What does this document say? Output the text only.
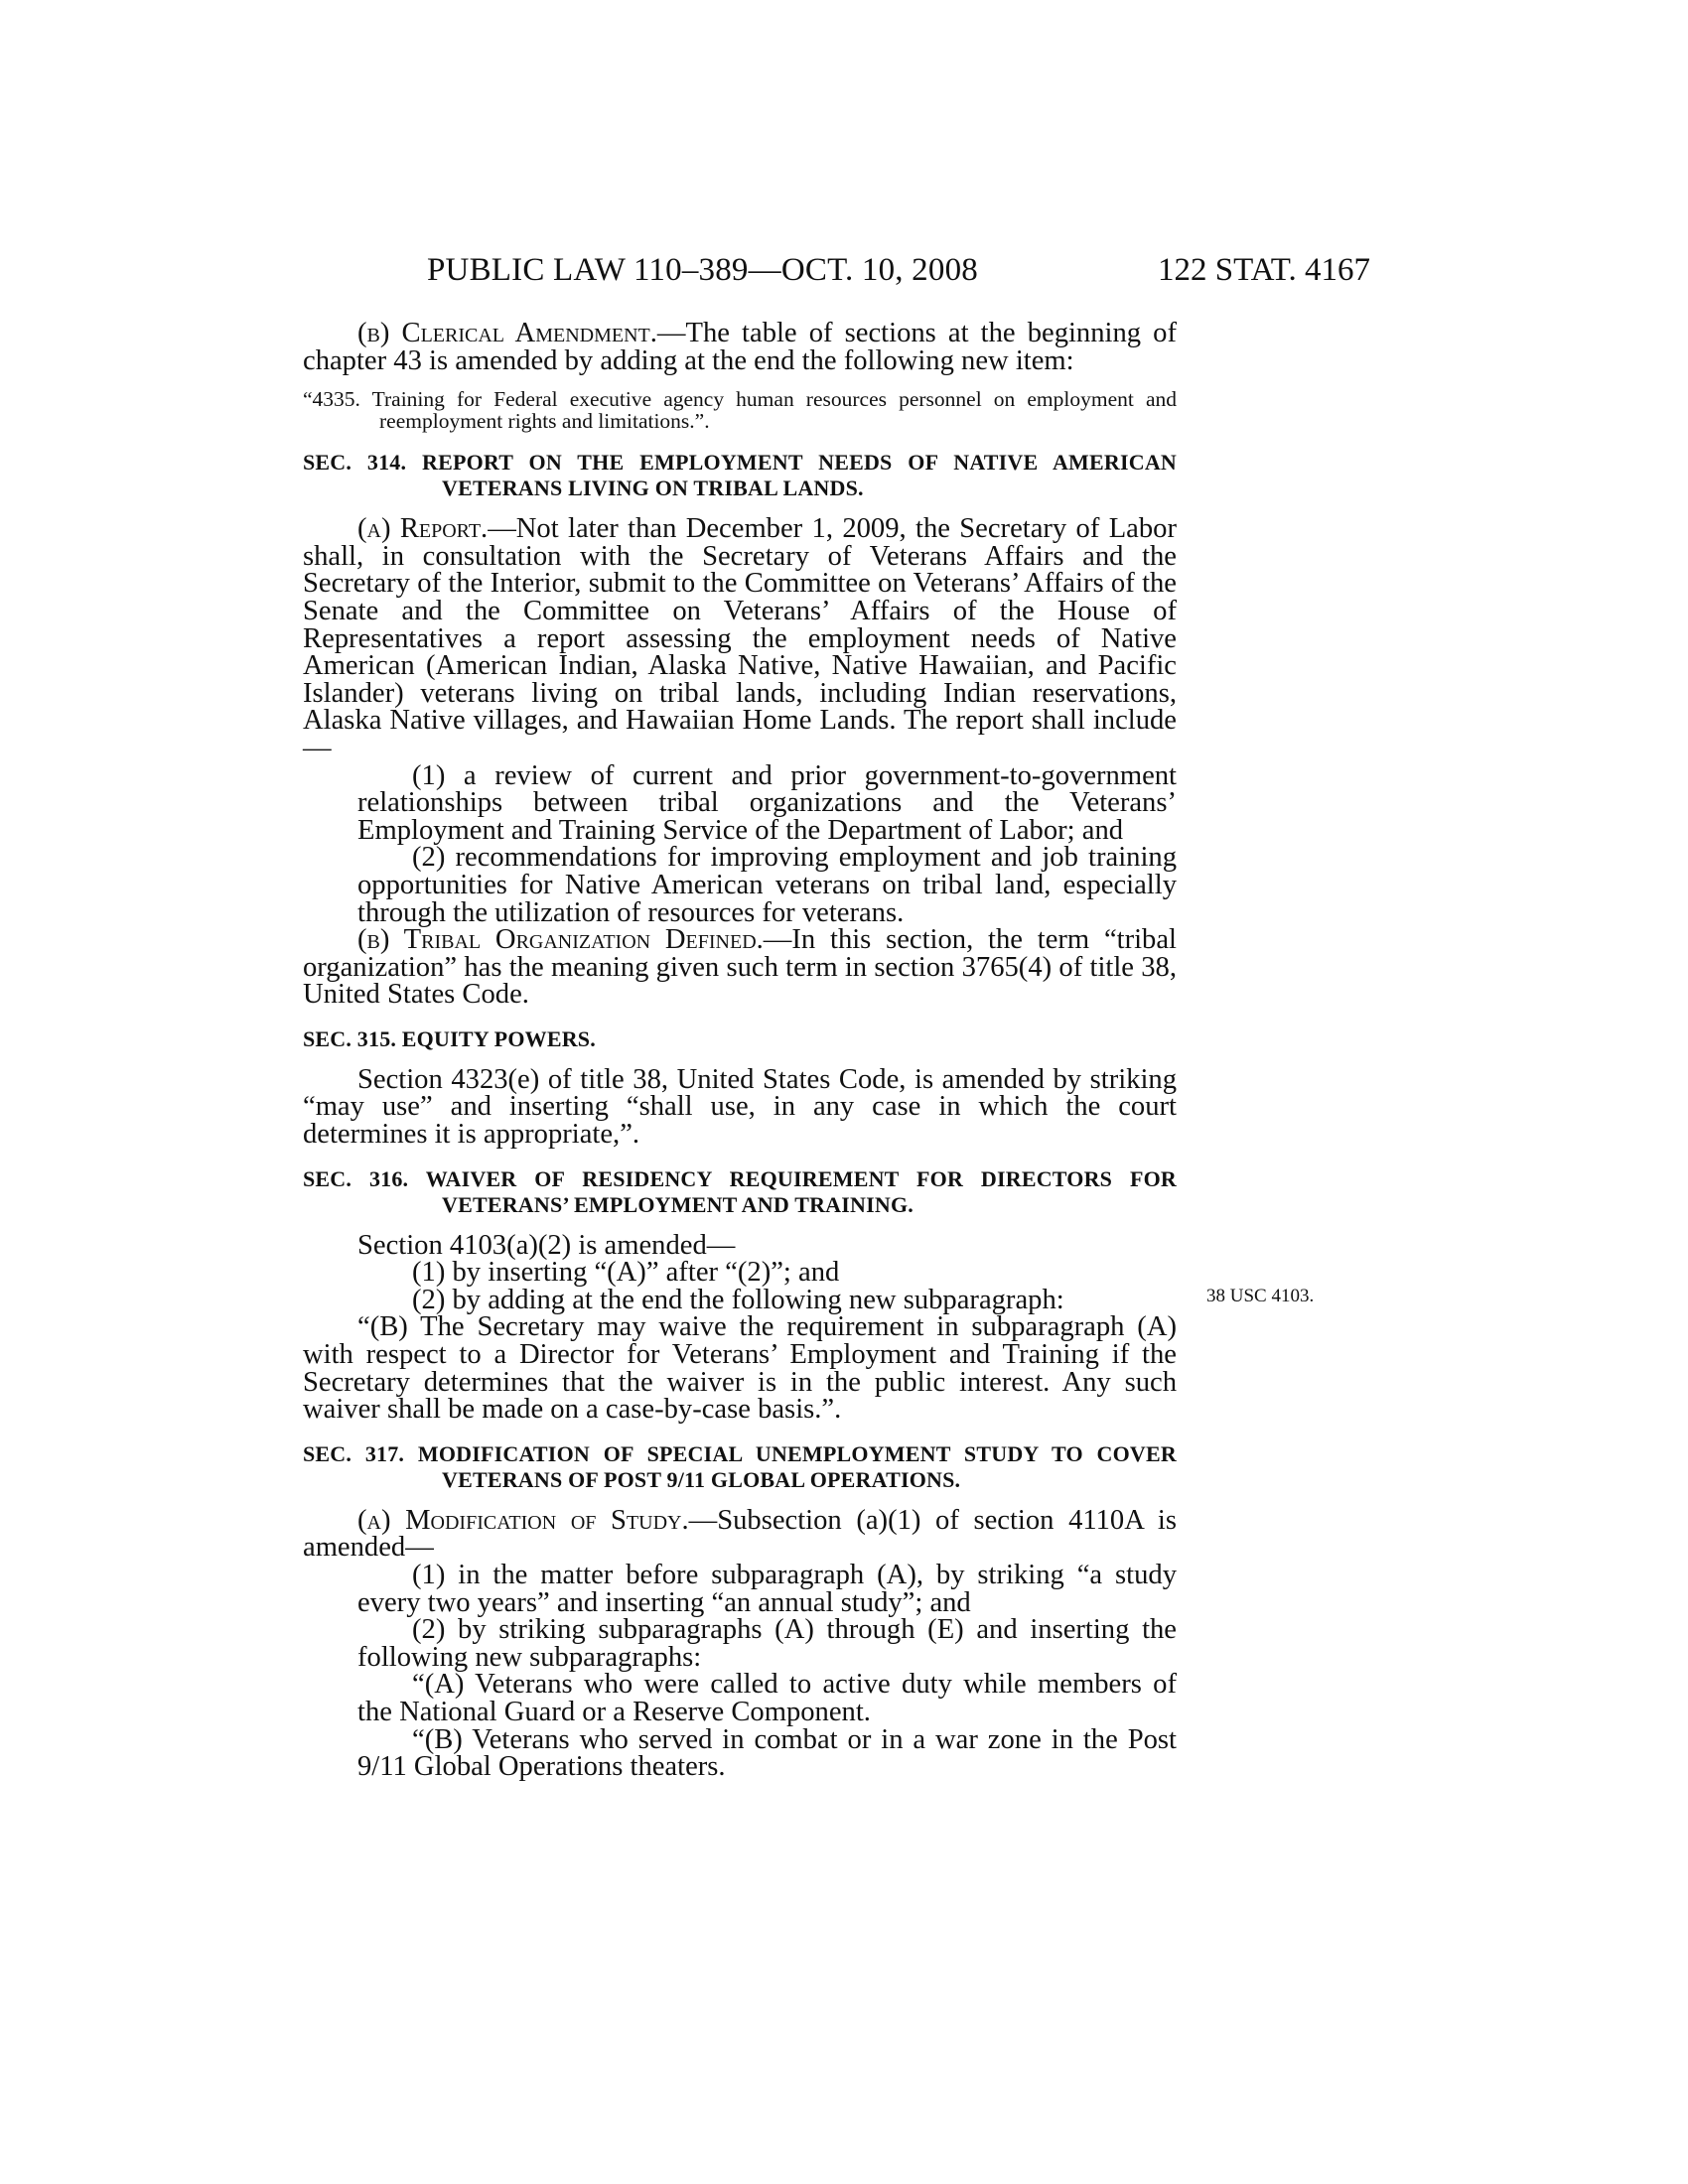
PUBLIC LAW 110–389—OCT. 10, 2008	122 STAT. 4167
38 USC 4103.

(b) Clerical Amendment.—The table of sections at the beginning of chapter 43 is amended by adding at the end the following new item:

“4335. Training for Federal executive agency human resources personnel on employment and reemployment rights and limitations.”.

SEC. 314. REPORT ON THE EMPLOYMENT NEEDS OF NATIVE AMERICAN VETERANS LIVING ON TRIBAL LANDS.

(a) Report.—Not later than December 1, 2009, the Secretary of Labor shall, in consultation with the Secretary of Veterans Affairs and the Secretary of the Interior, submit to the Committee on Veterans’ Affairs of the Senate and the Committee on Veterans’ Affairs of the House of Representatives a report assessing the employment needs of Native American (American Indian, Alaska Native, Native Hawaiian, and Pacific Islander) veterans living on tribal lands, including Indian reservations, Alaska Native villages, and Hawaiian Home Lands. The report shall include—

(1) a review of current and prior government-to-government relationships between tribal organizations and the Veterans’ Employment and Training Service of the Department of Labor; and

(2) recommendations for improving employment and job training opportunities for Native American veterans on tribal land, especially through the utilization of resources for veterans.

(b) Tribal Organization Defined.—In this section, the term “tribal organization” has the meaning given such term in section 3765(4) of title 38, United States Code.

SEC. 315. EQUITY POWERS.

Section 4323(e) of title 38, United States Code, is amended by striking “may use” and inserting “shall use, in any case in which the court determines it is appropriate,”.

SEC. 316. WAIVER OF RESIDENCY REQUIREMENT FOR DIRECTORS FOR VETERANS’ EMPLOYMENT AND TRAINING.

Section 4103(a)(2) is amended—

(1) by inserting “(A)” after “(2)”; and

(2) by adding at the end the following new subparagraph:

“(B) The Secretary may waive the requirement in subparagraph (A) with respect to a Director for Veterans’ Employment and Training if the Secretary determines that the waiver is in the public interest. Any such waiver shall be made on a case-by-case basis.”.

SEC. 317. MODIFICATION OF SPECIAL UNEMPLOYMENT STUDY TO COVER VETERANS OF POST 9/11 GLOBAL OPERATIONS.

(a) Modification of Study.—Subsection (a)(1) of section 4110A is amended—

(1) in the matter before subparagraph (A), by striking “a study every two years” and inserting “an annual study”; and

(2) by striking subparagraphs (A) through (E) and inserting the following new subparagraphs:

“(A) Veterans who were called to active duty while members of the National Guard or a Reserve Component.

“(B) Veterans who served in combat or in a war zone in the Post 9/11 Global Operations theaters.
